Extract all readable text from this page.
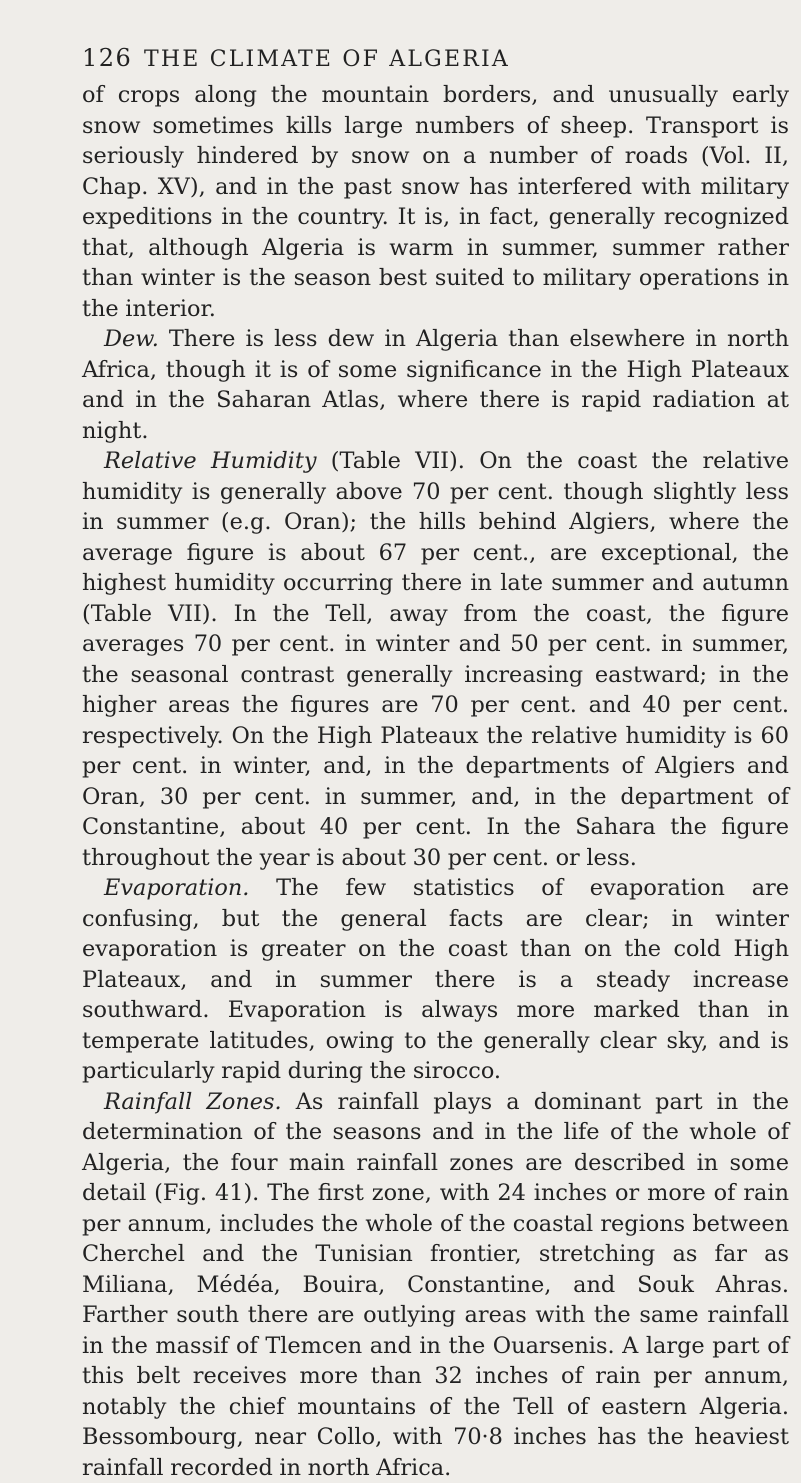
126 THE CLIMATE OF ALGERIA

of crops along the mountain borders, and unusually early snow sometimes kills large numbers of sheep. Transport is seriously hindered by snow on a number of roads (Vol. II, Chap. XV), and in the past snow has interfered with military expeditions in the country. It is, in fact, generally recognized that, although Algeria is warm in summer, summer rather than winter is the season best suited to military operations in the interior.

Dew. There is less dew in Algeria than elsewhere in north Africa, though it is of some significance in the High Plateaux and in the Saharan Atlas, where there is rapid radiation at night.

Relative Humidity (Table VII). On the coast the relative humidity is generally above 70 per cent. though slightly less in summer (e.g. Oran); the hills behind Algiers, where the average figure is about 67 per cent., are exceptional, the highest humidity occurring there in late summer and autumn (Table VII). In the Tell, away from the coast, the figure averages 70 per cent. in winter and 50 per cent. in summer, the seasonal contrast generally increasing eastward; in the higher areas the figures are 70 per cent. and 40 per cent. respectively. On the High Plateaux the relative humidity is 60 per cent. in winter, and, in the departments of Algiers and Oran, 30 per cent. in summer, and, in the department of Constantine, about 40 per cent. In the Sahara the figure throughout the year is about 30 per cent. or less.

Evaporation. The few statistics of evaporation are confusing, but the general facts are clear; in winter evaporation is greater on the coast than on the cold High Plateaux, and in summer there is a steady increase southward. Evaporation is always more marked than in temperate latitudes, owing to the generally clear sky, and is particularly rapid during the sirocco.

Rainfall Zones. As rainfall plays a dominant part in the determination of the seasons and in the life of the whole of Algeria, the four main rainfall zones are described in some detail (Fig. 41). The first zone, with 24 inches or more of rain per annum, includes the whole of the coastal regions between Cherchel and the Tunisian frontier, stretching as far as Miliana, Médéa, Bouira, Constantine, and Souk Ahras. Farther south there are outlying areas with the same rainfall in the massif of Tlemcen and in the Ouarsenis. A large part of this belt receives more than 32 inches of rain per annum, notably the chief mountains of the Tell of eastern Algeria. Bessombourg, near Collo, with 70·8 inches has the heaviest rainfall recorded in north Africa.
